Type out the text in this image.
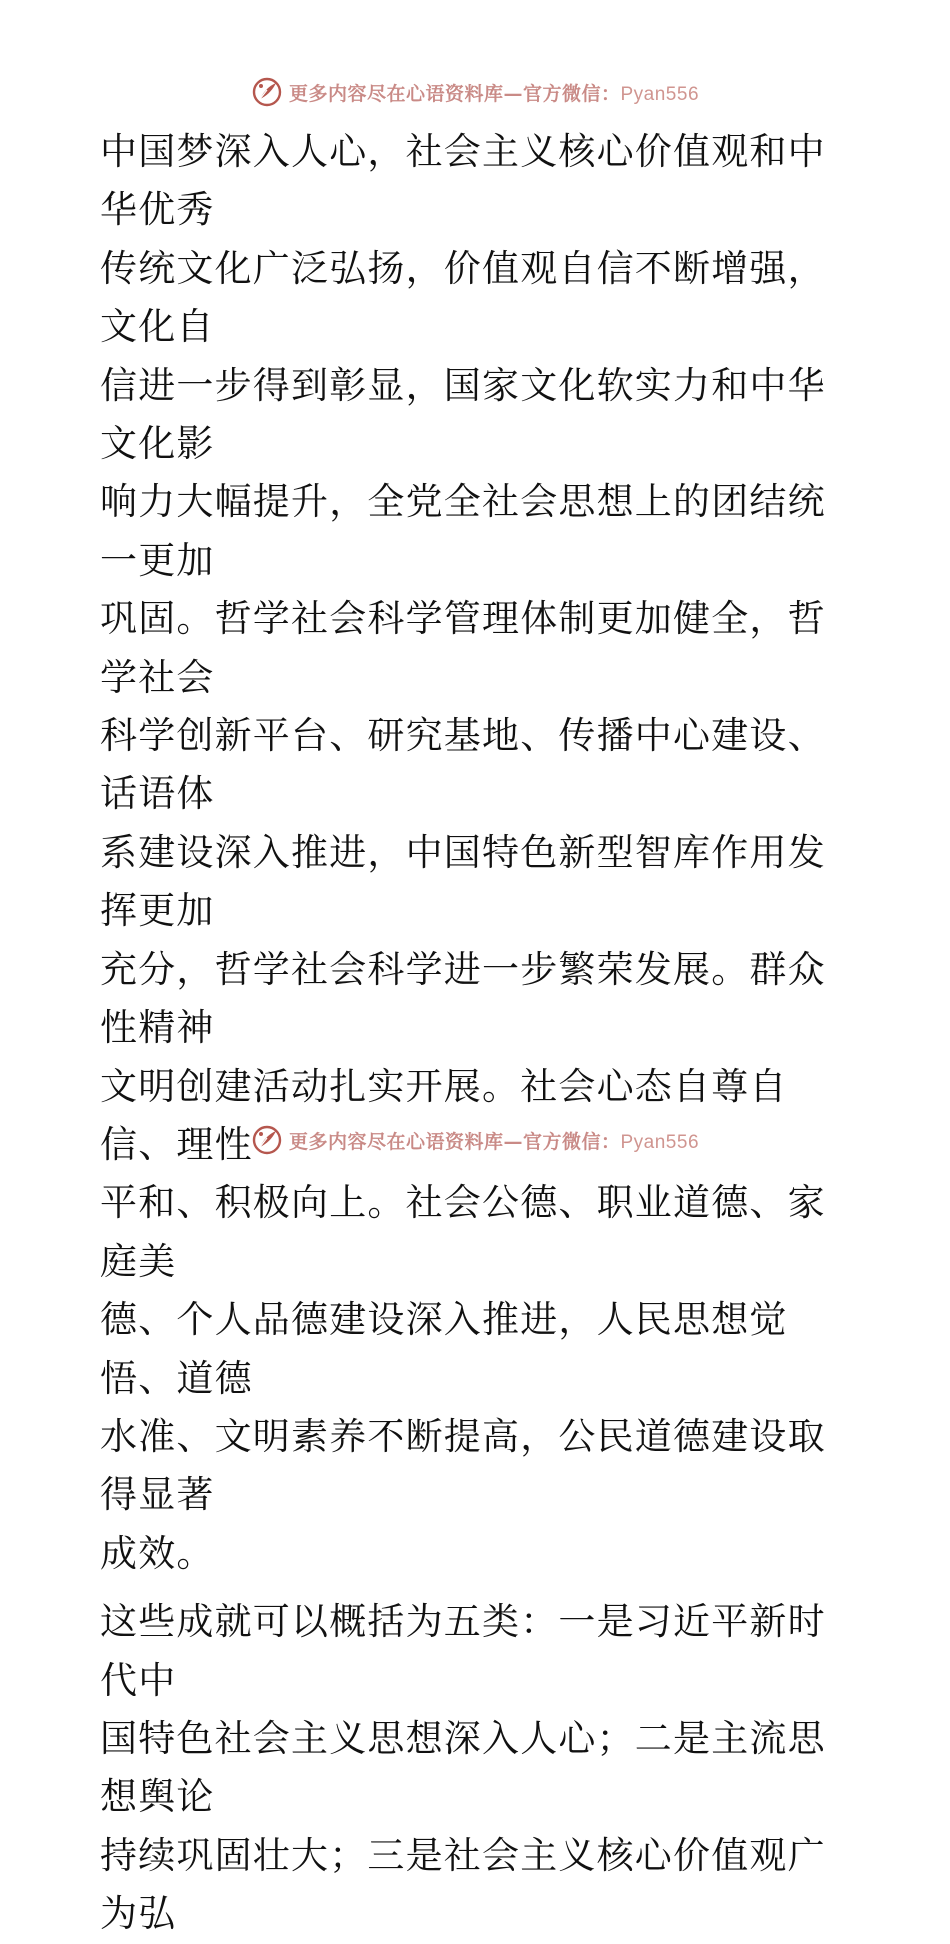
更多内容尽在心语资料库—官方微信：Pyan556

中国梦深入人心，社会主义核心价值观和中华优秀
传统文化广泛弘扬，价值观自信不断增强，文化自
信进一步得到彰显，国家文化软实力和中华文化影
响力大幅提升，全党全社会思想上的团结统一更加
巩固。哲学社会科学管理体制更加健全，哲学社会
科学创新平台、研究基地、传播中心建设、话语体
系建设深入推进，中国特色新型智库作用发挥更加
充分，哲学社会科学进一步繁荣发展。群众性精神
文明创建活动扎实开展。社会心态自尊自信、理性
平和、积极向上。社会公德、职业道德、家庭美
德、个人品德建设深入推进，人民思想觉悟、道德
水准、文明素养不断提高，公民道德建设取得显著
成效。

这些成就可以概括为五类：一是习近平新时代中
国特色社会主义思想深入人心；二是主流思想舆论
持续巩固壮大；三是社会主义核心价值观广为弘

更多内容尽在心语资料库—官方微信：Pyan556
